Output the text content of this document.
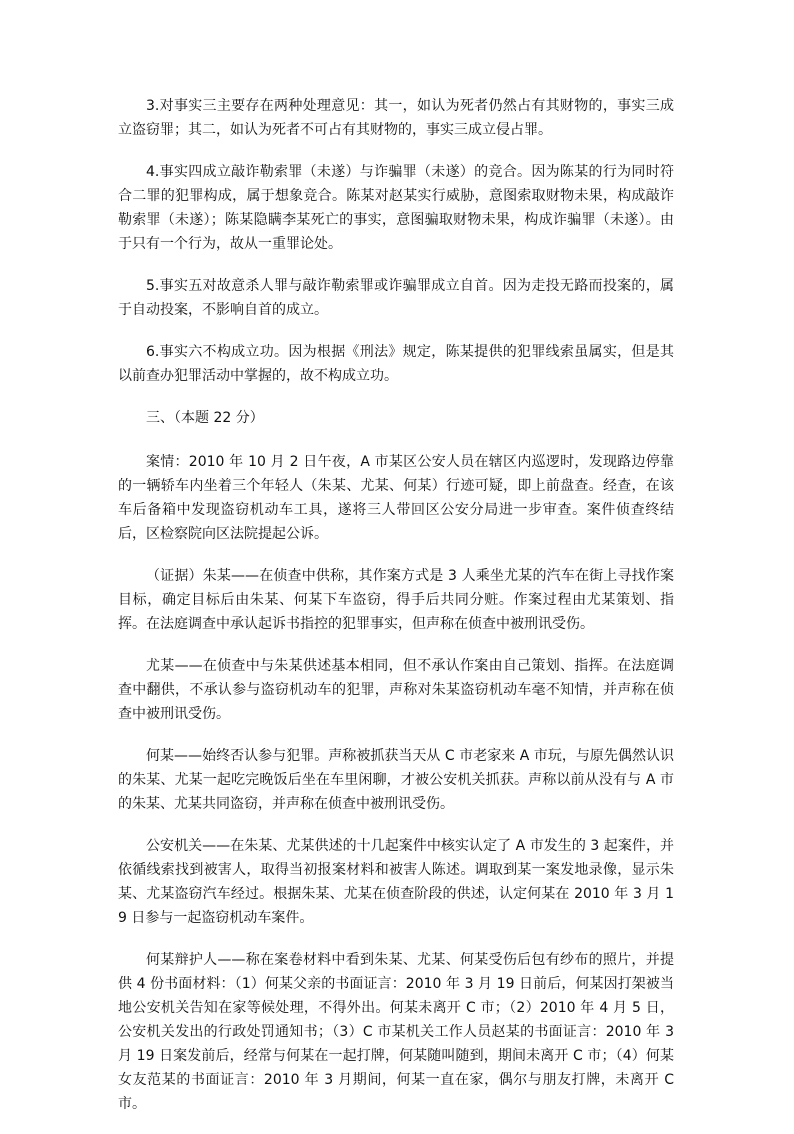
3.对事实三主要存在两种处理意见：其一，如认为死者仍然占有其财物的，事实三成立盗窃罪；其二，如认为死者不可占有其财物的，事实三成立侵占罪。

4.事实四成立敲诈勒索罪（未遂）与诈骗罪（未遂）的竞合。因为陈某的行为同时符合二罪的犯罪构成，属于想象竞合。陈某对赵某实行威胁，意图索取财物未果，构成敲诈勒索罪（未遂）；陈某隐瞒李某死亡的事实，意图骗取财物未果，构成诈骗罪（未遂）。由于只有一个行为，故从一重罪论处。

5.事实五对故意杀人罪与敲诈勒索罪或诈骗罪成立自首。因为走投无路而投案的，属于自动投案，不影响自首的成立。

6.事实六不构成立功。因为根据《刑法》规定，陈某提供的犯罪线索虽属实，但是其以前查办犯罪活动中掌握的，故不构成立功。

三、（本题 22 分）

案情：2010 年 10 月 2 日午夜，A 市某区公安人员在辖区内巡逻时，发现路边停靠的一辆轿车内坐着三个年轻人（朱某、尤某、何某）行迹可疑，即上前盘查。经查，在该车后备箱中发现盗窃机动车工具，遂将三人带回区公安分局进一步审查。案件侦查终结后，区检察院向区法院提起公诉。

（证据）朱某——在侦查中供称，其作案方式是 3 人乘坐尤某的汽车在街上寻找作案目标，确定目标后由朱某、何某下车盗窃，得手后共同分赃。作案过程由尤某策划、指挥。在法庭调查中承认起诉书指控的犯罪事实，但声称在侦查中被刑讯受伤。

尤某——在侦查中与朱某供述基本相同，但不承认作案由自己策划、指挥。在法庭调查中翻供，不承认参与盗窃机动车的犯罪，声称对朱某盗窃机动车毫不知情，并声称在侦查中被刑讯受伤。

何某——始终否认参与犯罪。声称被抓获当天从 C 市老家来 A 市玩，与原先偶然认识的朱某、尤某一起吃完晚饭后坐在车里闲聊，才被公安机关抓获。声称以前从没有与 A 市的朱某、尤某共同盗窃，并声称在侦查中被刑讯受伤。

公安机关——在朱某、尤某供述的十几起案件中核实认定了 A 市发生的 3 起案件，并依循线索找到被害人，取得当初报案材料和被害人陈述。调取到某一案发地录像，显示朱某、尤某盗窃汽车经过。根据朱某、尤某在侦查阶段的供述，认定何某在 2010 年 3 月 19 日参与一起盗窃机动车案件。

何某辩护人——称在案卷材料中看到朱某、尤某、何某受伤后包有纱布的照片，并提供 4 份书面材料：（1）何某父亲的书面证言：2010 年 3 月 19 日前后，何某因打架被当地公安机关告知在家等候处理，不得外出。何某未离开 C 市；（2）2010 年 4 月 5 日，公安机关发出的行政处罚通知书；（3）C 市某机关工作人员赵某的书面证言：2010 年 3 月 19 日案发前后，经常与何某在一起打牌，何某随叫随到，期间未离开 C 市；（4）何某女友范某的书面证言：2010 年 3 月期间，何某一直在家，偶尔与朋友打牌，未离开 C 市。
